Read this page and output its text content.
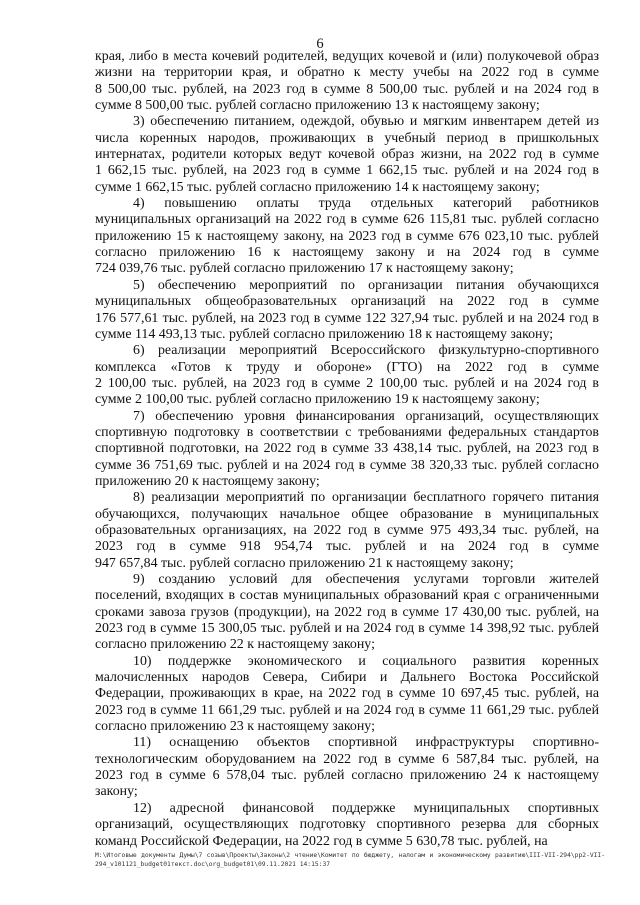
6
края, либо в места кочевий родителей, ведущих кочевой и (или) полукочевой образ
жизни на территории края, и обратно к месту учебы на 2022 год в сумме
8 500,00 тыс. рублей, на 2023 год в сумме 8 500,00 тыс. рублей и на 2024 год в
сумме 8 500,00 тыс. рублей согласно приложению 13 к настоящему закону;
3) обеспечению питанием, одеждой, обувью и мягким инвентарем детей из
числа коренных народов, проживающих в учебный период в пришкольных
интернатах, родители которых ведут кочевой образ жизни, на 2022 год в сумме
1 662,15 тыс. рублей, на 2023 год в сумме 1 662,15 тыс. рублей и на 2024 год в
сумме 1 662,15 тыс. рублей согласно приложению 14 к настоящему закону;
4) повышению оплаты труда отдельных категорий работников
муниципальных организаций на 2022 год в сумме 626 115,81 тыс. рублей согласно
приложению 15 к настоящему закону, на 2023 год в сумме 676 023,10 тыс. рублей
согласно приложению 16 к настоящему закону и на 2024 год в сумме
724 039,76 тыс. рублей согласно приложению 17 к настоящему закону;
5) обеспечению мероприятий по организации питания обучающихся
муниципальных общеобразовательных организаций на 2022 год в сумме
176 577,61 тыс. рублей, на 2023 год в сумме 122 327,94 тыс. рублей и на 2024 год в
сумме 114 493,13 тыс. рублей согласно приложению 18 к настоящему закону;
6) реализации мероприятий Всероссийского физкультурно-спортивного
комплекса «Готов к труду и обороне» (ГТО) на 2022 год в сумме
2 100,00 тыс. рублей, на 2023 год в сумме 2 100,00 тыс. рублей и на 2024 год в
сумме 2 100,00 тыс. рублей согласно приложению 19 к настоящему закону;
7) обеспечению уровня финансирования организаций, осуществляющих
спортивную подготовку в соответствии с требованиями федеральных стандартов
спортивной подготовки, на 2022 год в сумме 33 438,14 тыс. рублей, на 2023 год в
сумме 36 751,69 тыс. рублей и на 2024 год в сумме 38 320,33 тыс. рублей согласно
приложению 20 к настоящему закону;
8) реализации мероприятий по организации бесплатного горячего питания
обучающихся, получающих начальное общее образование в муниципальных
образовательных организациях, на 2022 год в сумме 975 493,34 тыс. рублей, на
2023 год в сумме 918 954,74 тыс. рублей и на 2024 год в сумме
947 657,84 тыс. рублей согласно приложению 21 к настоящему закону;
9) созданию условий для обеспечения услугами торговли жителей
поселений, входящих в состав муниципальных образований края с ограниченными
сроками завоза грузов (продукции), на 2022 год в сумме 17 430,00 тыс. рублей, на
2023 год в сумме 15 300,05 тыс. рублей и на 2024 год в сумме 14 398,92 тыс. рублей
согласно приложению 22 к настоящему закону;
10) поддержке экономического и социального развития коренных
малочисленных народов Севера, Сибири и Дальнего Востока Российской
Федерации, проживающих в крае, на 2022 год в сумме 10 697,45 тыс. рублей, на
2023 год в сумме 11 661,29 тыс. рублей и на 2024 год в сумме 11 661,29 тыс. рублей
согласно приложению 23 к настоящему закону;
11) оснащению объектов спортивной инфраструктуры спортивно-
технологическим оборудованием на 2022 год в сумме 6 587,84 тыс. рублей, на
2023 год в сумме 6 578,04 тыс. рублей согласно приложению 24 к настоящему
закону;
12) адресной финансовой поддержке муниципальных спортивных
организаций, осуществляющих подготовку спортивного резерва для сборных
команд Российской Федерации, на 2022 год в сумме 5 630,78 тыс. рублей, на
M:\Итоговые документы Думы\7 созыв\Проекты\Законы\2 чтение\Комитет по бюджету, налогам и экономическому развитию\III-VII-294\pp2-VII-
294_v101121_budget01текст.doc\org_budget01\09.11.2021 14:15:37
